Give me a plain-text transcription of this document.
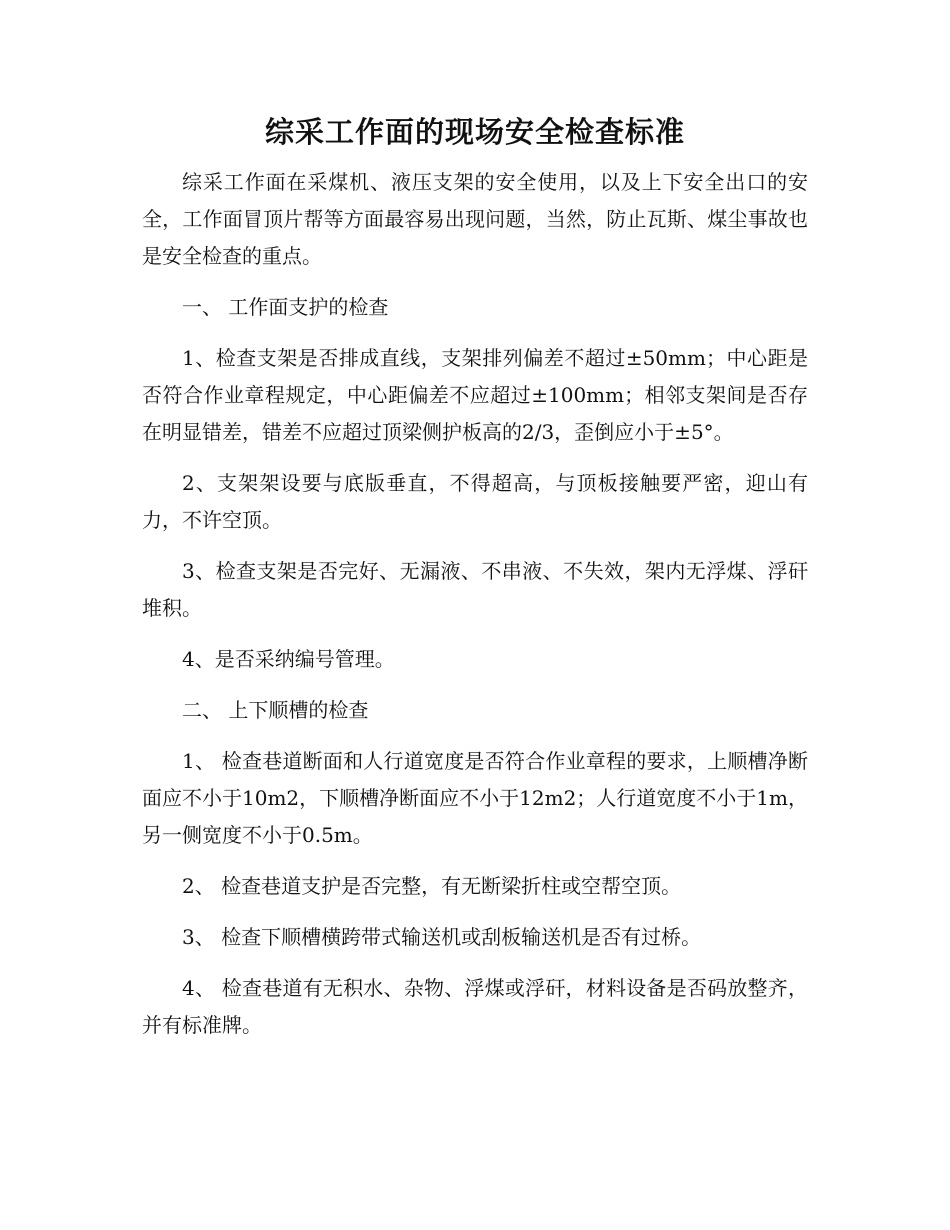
综采工作面的现场安全检查标准

综采工作面在采煤机、液压支架的安全使用，以及上下安全出口的安全，工作面冒顶片帮等方面最容易出现问题，当然，防止瓦斯、煤尘事故也是安全检查的重点。

一、 工作面支护的检查

1、检查支架是否排成直线，支架排列偏差不超过±50mm；中心距是否符合作业章程规定，中心距偏差不应超过±100mm；相邻支架间是否存在明显错差，错差不应超过顶梁侧护板高的2/3，歪倒应小于±5°。

2、支架架设要与底版垂直，不得超高，与顶板接触要严密，迎山有力，不许空顶。

3、检查支架是否完好、无漏液、不串液、不失效，架内无浮煤、浮矸堆积。

4、是否采纳编号管理。

二、 上下顺槽的检查

1、 检查巷道断面和人行道宽度是否符合作业章程的要求，上顺槽净断面应不小于10m2，下顺槽净断面应不小于12m2；人行道宽度不小于1m，另一侧宽度不小于0.5m。

2、 检查巷道支护是否完整，有无断梁折柱或空帮空顶。

3、 检查下顺槽横跨带式输送机或刮板输送机是否有过桥。

4、 检查巷道有无积水、杂物、浮煤或浮矸，材料设备是否码放整齐，并有标准牌。
